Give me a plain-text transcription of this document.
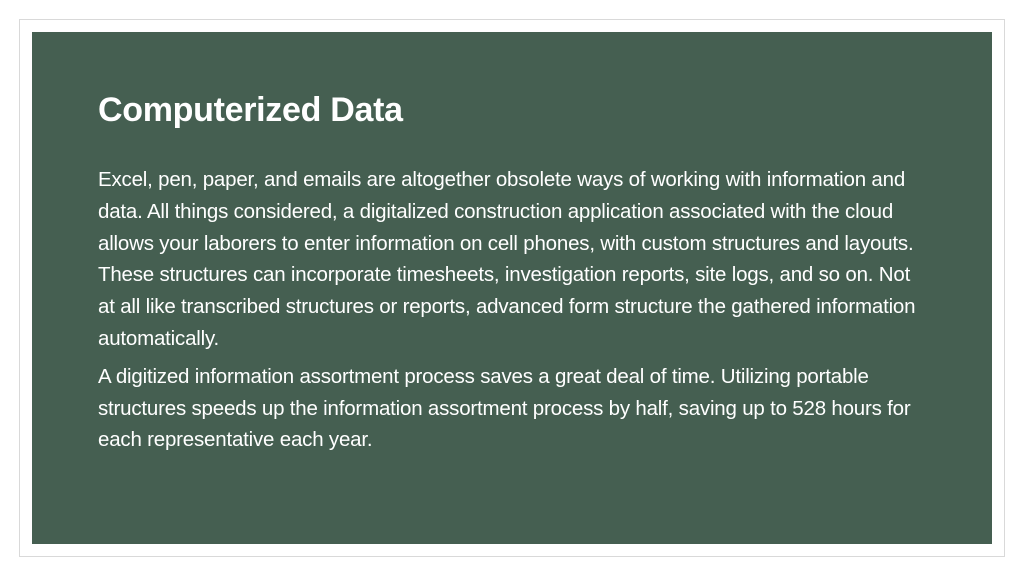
Computerized Data

Excel, pen, paper, and emails are altogether obsolete ways of working with information and data. All things considered, a digitalized construction application associated with the cloud allows your laborers to enter information on cell phones, with custom structures and layouts. These structures can incorporate timesheets, investigation reports, site logs, and so on. Not at all like transcribed structures or reports, advanced form structure the gathered information automatically.

A digitized information assortment process saves a great deal of time. Utilizing portable structures speeds up the information assortment process by half, saving up to 528 hours for each representative each year.
